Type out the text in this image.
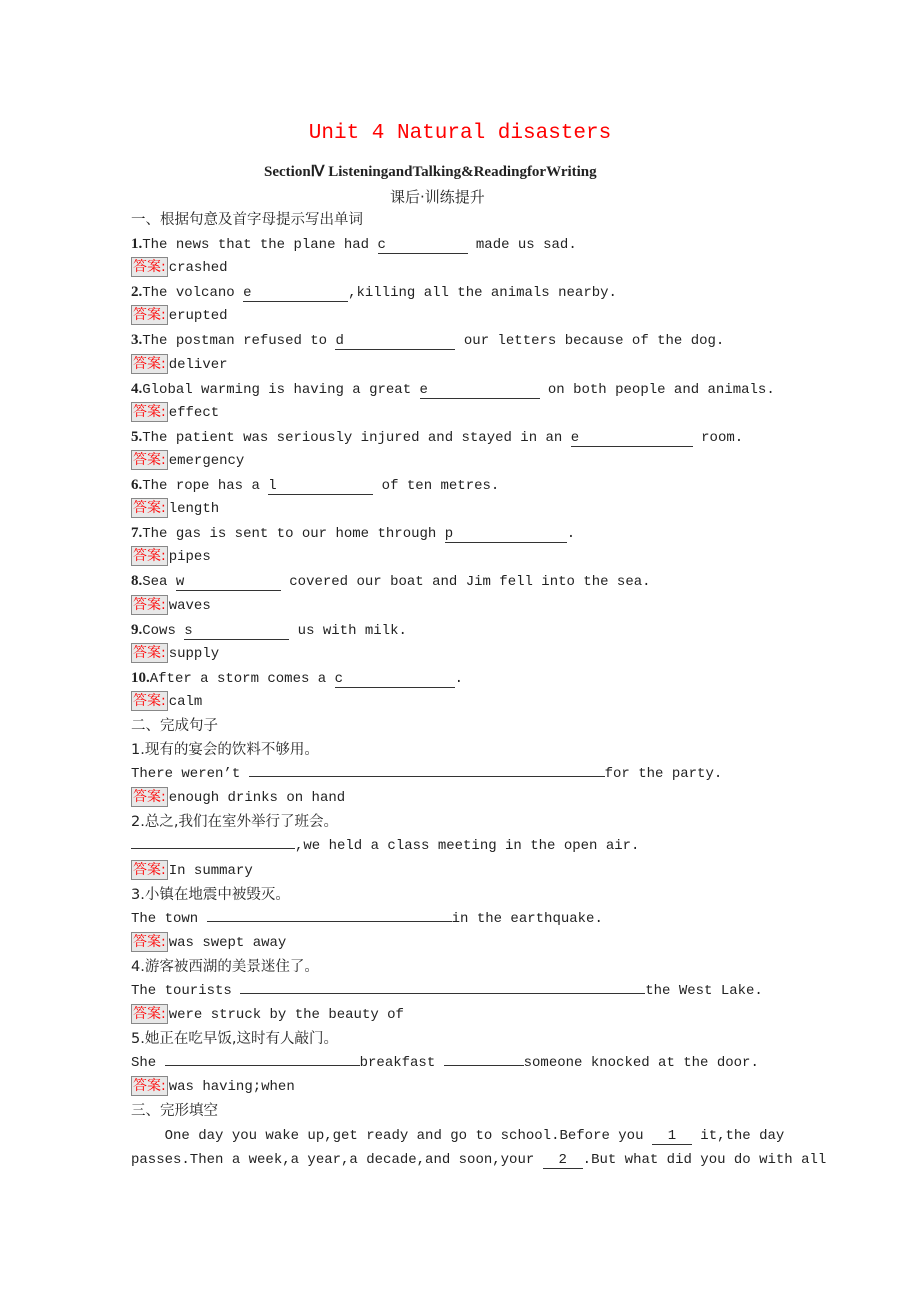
Unit 4 Natural disasters
SectionⅣ ListeningandTalking&ReadingforWriting
课后·训练提升
一、根据句意及首字母提示写出单词
1.The news that the plane had c	made us sad.
答案: crashed
2.The volcano e	,killing all the animals nearby.
答案: erupted
3.The postman refused to d	our letters because of the dog.
答案: deliver
4.Global warming is having a great e	on both people and animals.
答案: effect
5.The patient was seriously injured and stayed in an e	room.
答案: emergency
6.The rope has a l	of ten metres.
答案: length
7.The gas is sent to our home through p	.
答案: pipes
8.Sea w	covered our boat and Jim fell into the sea.
答案: waves
9.Cows s	us with milk.
答案: supply
10.After a storm comes a c	.
答案: calm
二、完成句子
1.现有的宴会的饮料不够用。
There weren’t	for the party.
答案: enough drinks on hand
2.总之,我们在室外举行了班会。
,we held a class meeting in the open air.
答案: In summary
3.小镇在地震中被毁灭。
The town	in the earthquake.
答案: was swept away
4.游客被西湖的美景迷住了。
The tourists	the West Lake.
答案: were struck by the beauty of
5.她正在吃早饭,这时有人敲门。
She	breakfast	someone knocked at the door.
答案: was having;when
三、完形填空
One day you wake up,get ready and go to school.Before you 1 it,the day
passes.Then a week,a year,a decade,and soon,your 2 .But what did you do with all
